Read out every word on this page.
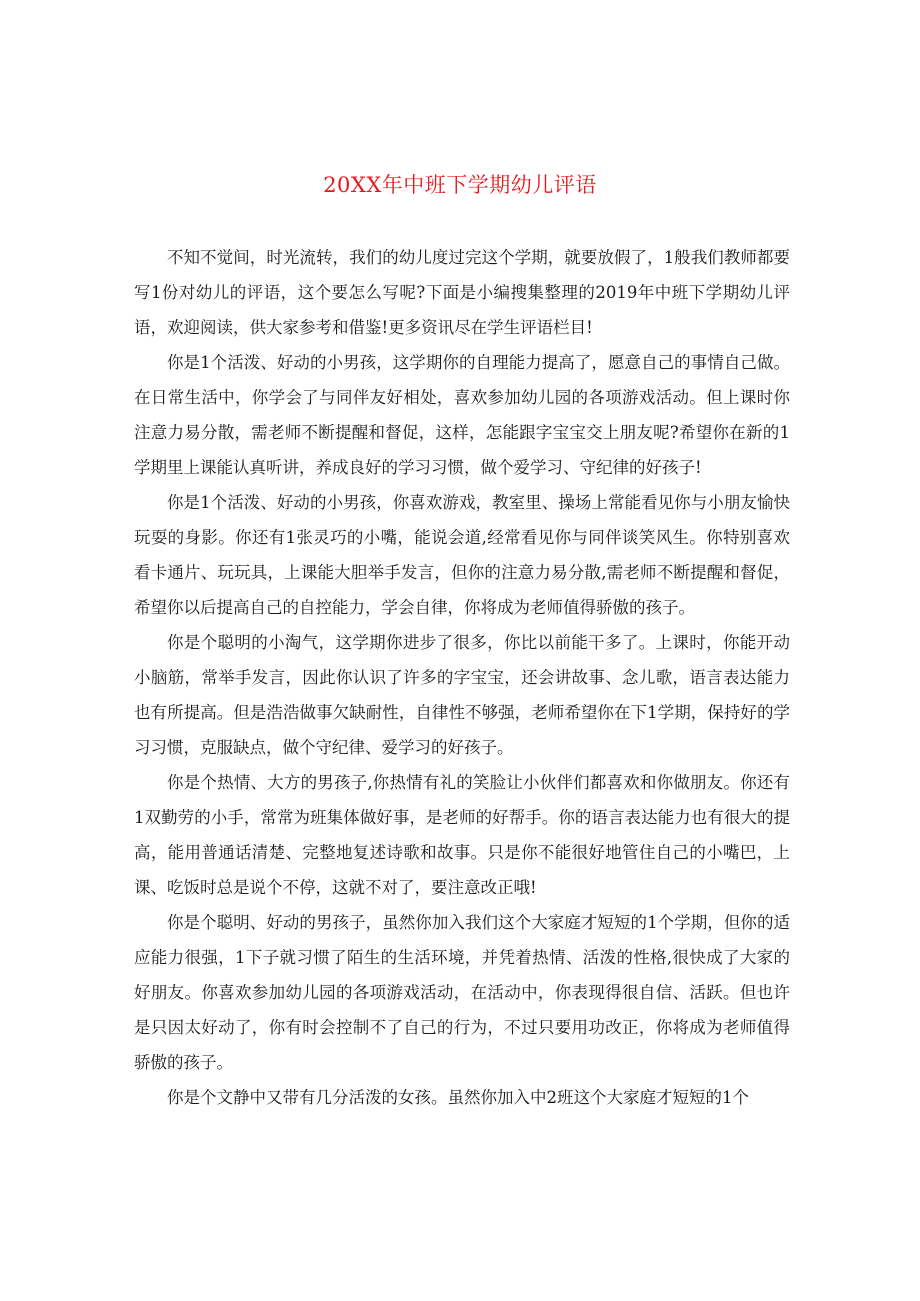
20XX年中班下学期幼儿评语

不知不觉间，时光流转，我们的幼儿度过完这个学期，就要放假了，1般我们教师都要写1份对幼儿的评语，这个要怎么写呢?下面是小编搜集整理的2019年中班下学期幼儿评语，欢迎阅读，供大家参考和借鉴!更多资讯尽在学生评语栏目!

你是1个活泼、好动的小男孩，这学期你的自理能力提高了，愿意自己的事情自己做。在日常生活中，你学会了与同伴友好相处，喜欢参加幼儿园的各项游戏活动。但上课时你注意力易分散，需老师不断提醒和督促，这样，怎能跟字宝宝交上朋友呢?希望你在新的1学期里上课能认真听讲，养成良好的学习习惯，做个爱学习、守纪律的好孩子!

你是1个活泼、好动的小男孩，你喜欢游戏，教室里、操场上常能看见你与小朋友愉快玩耍的身影。你还有1张灵巧的小嘴，能说会道,经常看见你与同伴谈笑风生。你特别喜欢看卡通片、玩玩具，上课能大胆举手发言，但你的注意力易分散,需老师不断提醒和督促，希望你以后提高自己的自控能力，学会自律，你将成为老师值得骄傲的孩子。

你是个聪明的小淘气，这学期你进步了很多，你比以前能干多了。上课时，你能开动小脑筋，常举手发言，因此你认识了许多的字宝宝，还会讲故事、念儿歌，语言表达能力也有所提高。但是浩浩做事欠缺耐性，自律性不够强，老师希望你在下1学期，保持好的学习习惯，克服缺点，做个守纪律、爱学习的好孩子。

你是个热情、大方的男孩子,你热情有礼的笑脸让小伙伴们都喜欢和你做朋友。你还有1双勤劳的小手，常常为班集体做好事，是老师的好帮手。你的语言表达能力也有很大的提高，能用普通话清楚、完整地复述诗歌和故事。只是你不能很好地管住自己的小嘴巴，上课、吃饭时总是说个不停，这就不对了，要注意改正哦!

你是个聪明、好动的男孩子，虽然你加入我们这个大家庭才短短的1个学期，但你的适应能力很强，1下子就习惯了陌生的生活环境，并凭着热情、活泼的性格,很快成了大家的好朋友。你喜欢参加幼儿园的各项游戏活动，在活动中，你表现得很自信、活跃。但也许是只因太好动了，你有时会控制不了自己的行为，不过只要用功改正，你将成为老师值得骄傲的孩子。

你是个文静中又带有几分活泼的女孩。虽然你加入中2班这个大家庭才短短的1个
